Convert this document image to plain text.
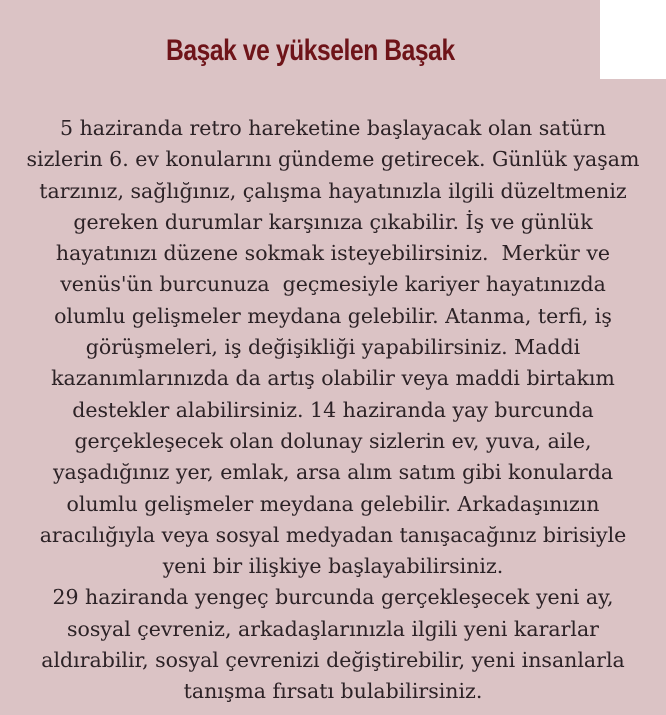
Başak ve yükselen Başak
5 haziranda retro hareketine başlayacak olan satürn
sizlerin 6. ev konularını gündeme getirecek. Günlük yaşam
tarzınız, sağlığınız, çalışma hayatınızla ilgili düzeltmeniz
gereken durumlar karşınıza çıkabilir. İş ve günlük
hayatınızı düzene sokmak isteyebilirsiniz.  Merkür ve
venüs'ün burcunuza  geçmesiyle kariyer hayatınızda
olumlu gelişmeler meydana gelebilir. Atanma, terfi, iş
görüşmeleri, iş değişikliği yapabilirsiniz. Maddi
kazanımlarınızda da artış olabilir veya maddi birtakım
destekler alabilirsiniz. 14 haziranda yay burcunda
gerçekleşecek olan dolunay sizlerin ev, yuva, aile,
yaşadığınız yer, emlak, arsa alım satım gibi konularda
olumlu gelişmeler meydana gelebilir. Arkadaşınızın
aracılığıyla veya sosyal medyadan tanışacağınız birisiyle
yeni bir ilişkiye başlayabilirsiniz.
29 haziranda yengeç burcunda gerçekleşecek yeni ay,
sosyal çevreniz, arkadaşlarınızla ilgili yeni kararlar
aldırabilir, sosyal çevrenizi değiştirebilir, yeni insanlarla
tanışma fırsatı bulabilirsiniz.
